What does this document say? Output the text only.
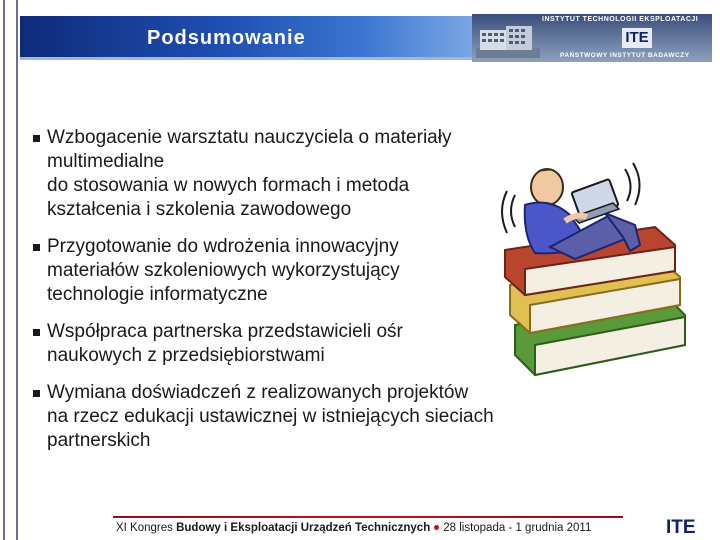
Podsumowanie
INSTYTUT TECHNOLOGII EKSPLOATACJI
ITE
PAŃSTWOWY INSTYTUT BADAWCZY
Wzbogacenie warsztatu nauczyciela o materiały
multimedialne
do stosowania w nowych formach i metoda
kształcenia i szkolenia zawodowego
Przygotowanie do wdrożenia innowacyjny
materiałów szkoleniowych wykorzystujący
technologie informatyczne
Współpraca partnerska przedstawicieli ośr
naukowych z przedsiębiorstwami
Wymiana doświadczeń z realizowanych projektów
na rzecz edukacji ustawicznej w istniejących sieciach
partnerskich
XI Kongres Budowy i Eksploatacji Urządzeń Technicznych 28 listopada - 1 grudnia 2011	ITE
